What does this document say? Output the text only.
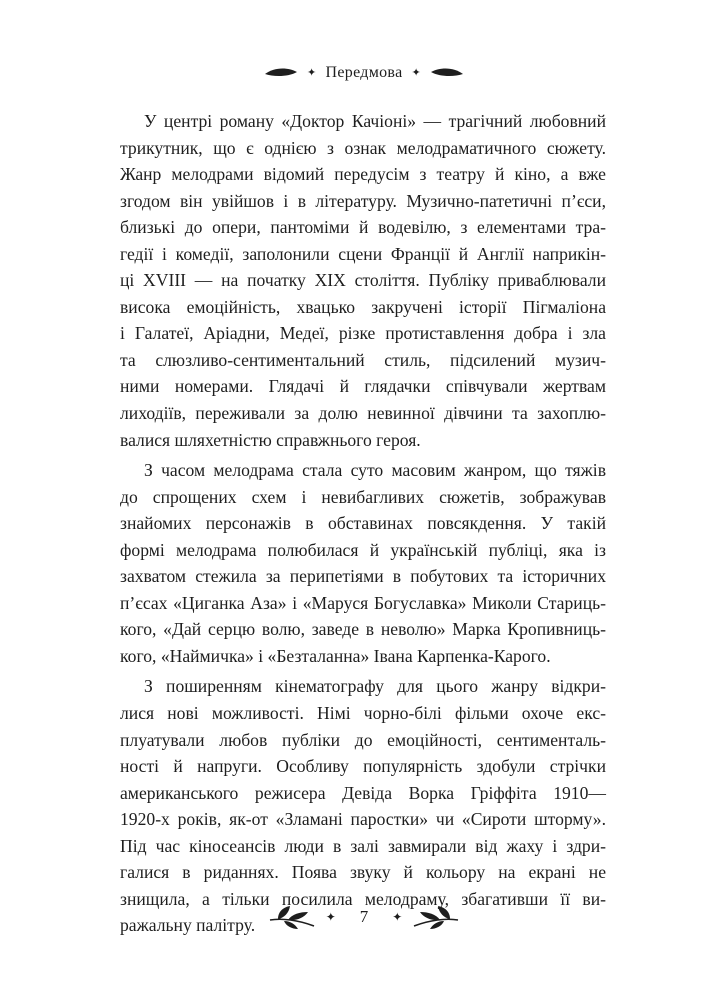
✦ Передмова ✦
У центрі роману «Доктор Качіоні» — трагічний любовний
трикутник, що є однією з ознак мелодраматичного сюжету.
Жанр мелодрами відомий передусім з театру й кіно, а вже
згодом він увійшов і в літературу. Музично-патетичні п’єси,
близькі до опери, пантоміми й водевілю, з елементами тра-
гедії і комедії, заполонили сцени Франції й Англії наприкін-
ці XVIII — на початку XIX століття. Публіку приваблювали
висока емоційність, хвацько закручені історії Пігмаліона
і Галатеї, Аріадни, Медеї, різке протиставлення добра і зла
та слюзливо-сентиментальний стиль, підсилений музич-
ними номерами. Глядачі й глядачки співчували жертвам
лиходіїв, переживали за долю невинної дівчини та захоплю-
валися шляхетністю справжнього героя.
З часом мелодрама стала суто масовим жанром, що тяжів
до спрощених схем і невибагливих сюжетів, зображував
знайомих персонажів в обставинах повсякдення. У такій
формі мелодрама полюбилася й українській публіці, яка із
захватом стежила за перипетіями в побутових та історичних
п’єсах «Циганка Аза» і «Маруся Богуславка» Миколи Стариць-
кого, «Дай серцю волю, заведе в неволю» Марка Кропивниць-
кого, «Наймичка» і «Безталанна» Івана Карпенка-Карого.
З поширенням кінематографу для цього жанру відкри-
лися нові можливості. Німі чорно-білі фільми охоче екс-
плуатували любов публіки до емоційності, сентименталь-
ності й напруги. Особливу популярність здобули стрічки
американського режисера Девіда Ворка Гріффіта 1910—
1920-х років, як-от «Зламані паростки» чи «Сироти шторму».
Під час кіносеансів люди в залі завмирали від жаху і здри-
галися в риданнях. Поява звуку й кольору на екрані не
знищила, а тільки посилила мелодраму, збагативши її ви-
ражальну палітру.	✦ 7 ✦
